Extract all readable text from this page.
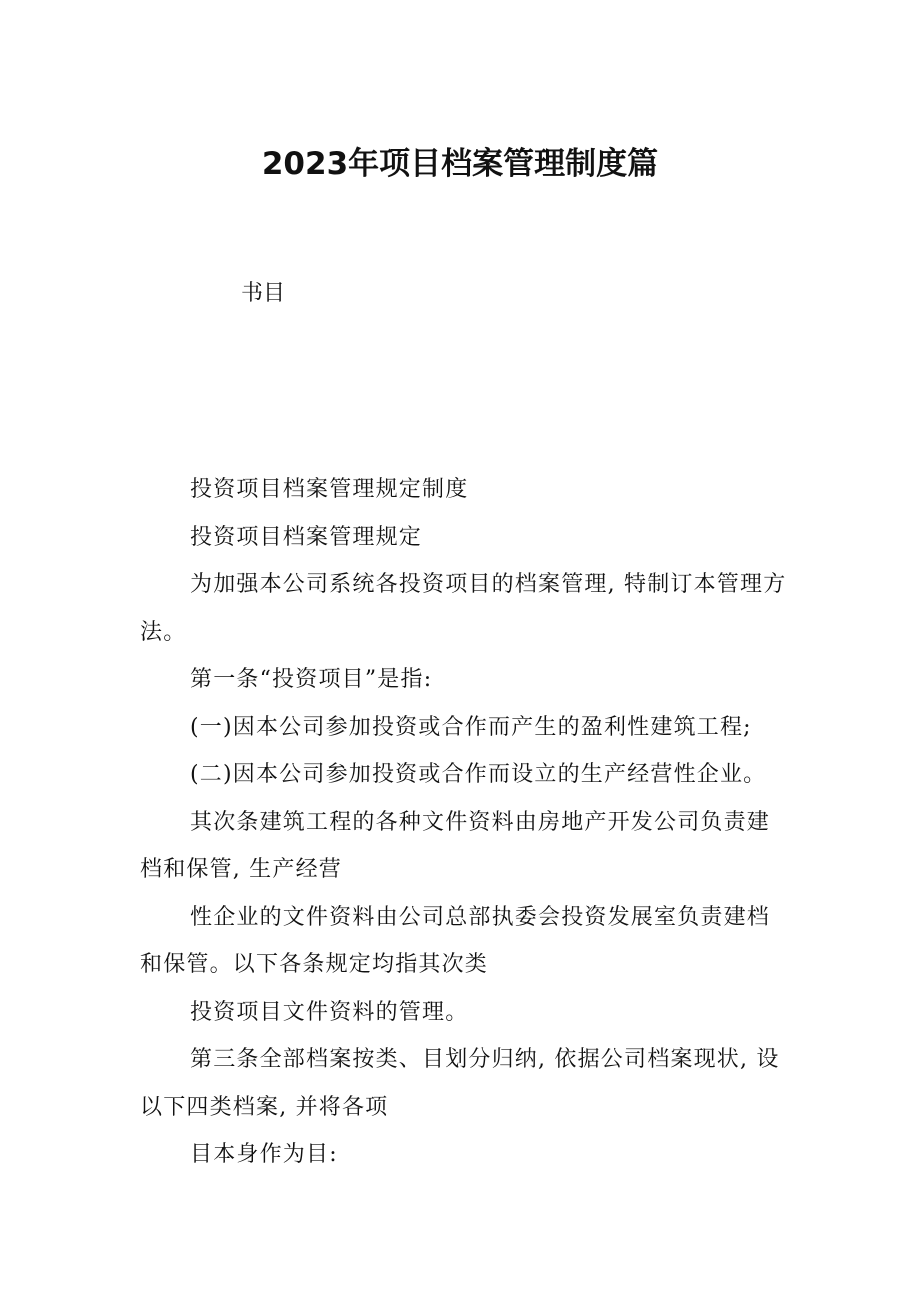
2023年项目档案管理制度篇
书目

投资项目档案管理规定制度

投资项目档案管理规定

为加强本公司系统各投资项目的档案管理, 特制订本管理方法。

第一条“投资项目”是指:

(一)因本公司参加投资或合作而产生的盈利性建筑工程;

(二)因本公司参加投资或合作而设立的生产经营性企业。

其次条建筑工程的各种文件资料由房地产开发公司负责建档和保管, 生产经营

性企业的文件资料由公司总部执委会投资发展室负责建档和保管。以下各条规定均指其次类

投资项目文件资料的管理。

第三条全部档案按类、目划分归纳, 依据公司档案现状, 设以下四类档案, 并将各项

目本身作为目:
